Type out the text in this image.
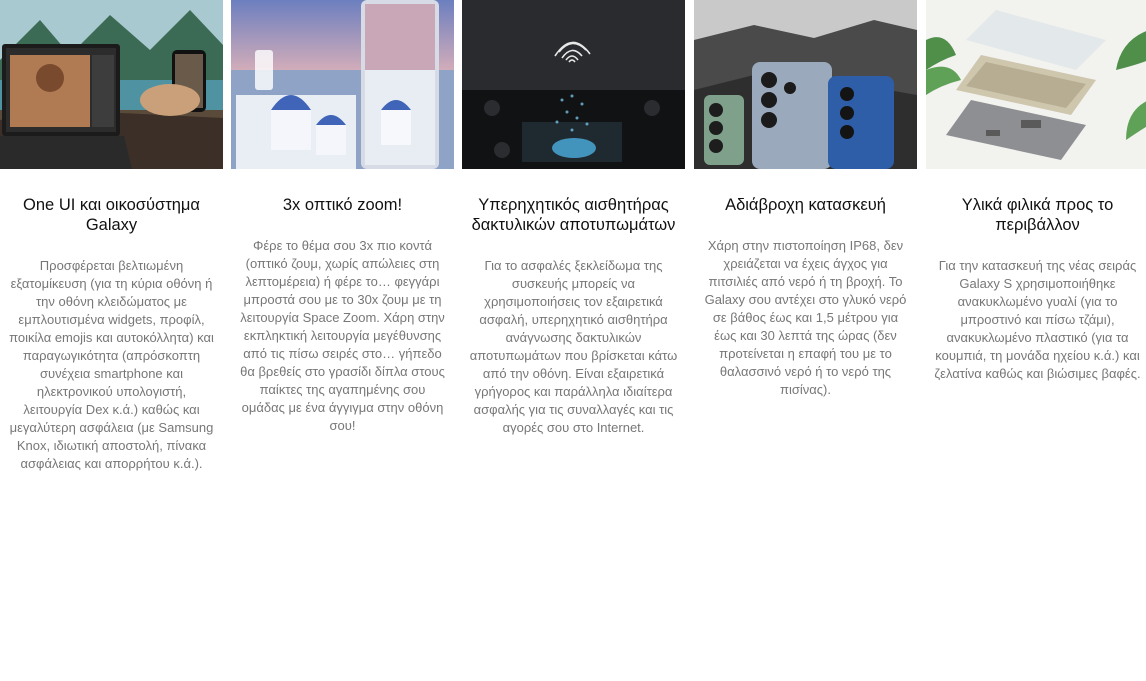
One UI και οικοσύστημα Galaxy
Προσφέρεται βελτιωμένη εξατομίκευση (για τη κύρια οθόνη ή την οθόνη κλειδώματος με εμπλουτισμένα widgets, προφίλ, ποικίλα emojis και αυτοκόλλητα) και παραγωγικότητα (απρόσκοπτη συνέχεια smartphone και ηλεκτρονικού υπολογιστή, λειτουργία Dex κ.ά.) καθώς και μεγαλύτερη ασφάλεια (με Samsung Knox, ιδιωτική αποστολή, πίνακα ασφάλειας και απορρήτου κ.ά.).
3x οπτικό zoom!
Φέρε το θέμα σου 3x πιο κοντά (οπτικό ζουμ, χωρίς απώλειες στη λεπτομέρεια) ή φέρε το… φεγγάρι μπροστά σου με το 30x ζουμ με τη λειτουργία Space Zoom. Χάρη στην εκπληκτική λειτουργία μεγέθυνσης από τις πίσω σειρές στο… γήπεδο θα βρεθείς στο γρασίδι δίπλα στους παίκτες της αγαπημένης σου ομάδας με ένα άγγιγμα στην οθόνη σου!
Υπερηχητικός αισθητήρας δακτυλικών αποτυπωμάτων
Για το ασφαλές ξεκλείδωμα της συσκευής μπορείς να χρησιμοποιήσεις τον εξαιρετικά ασφαλή, υπερηχητικό αισθητήρα ανάγνωσης δακτυλικών αποτυπωμάτων που βρίσκεται κάτω από την οθόνη. Είναι εξαιρετικά γρήγορος και παράλληλα ιδιαίτερα ασφαλής για τις συναλλαγές και τις αγορές σου στο Internet.
Αδιάβροχη κατασκευή
Χάρη στην πιστοποίηση IP68, δεν χρειάζεται να έχεις άγχος για πιτσιλιές από νερό ή τη βροχή. Το Galaxy σου αντέχει στο γλυκό νερό σε βάθος έως και 1,5 μέτρου για έως και 30 λεπτά της ώρας (δεν προτείνεται η επαφή του με το θαλασσινό νερό ή το νερό της πισίνας).
Υλικά φιλικά προς το περιβάλλον
Για την κατασκευή της νέας σειράς Galaxy S χρησιμοποιήθηκε ανακυκλωμένο γυαλί (για το μπροστινό και πίσω τζάμι), ανακυκλωμένο πλαστικό (για τα κουμπιά, τη μονάδα ηχείου κ.ά.) και ζελατίνα καθώς και βιώσιμες βαφές.
